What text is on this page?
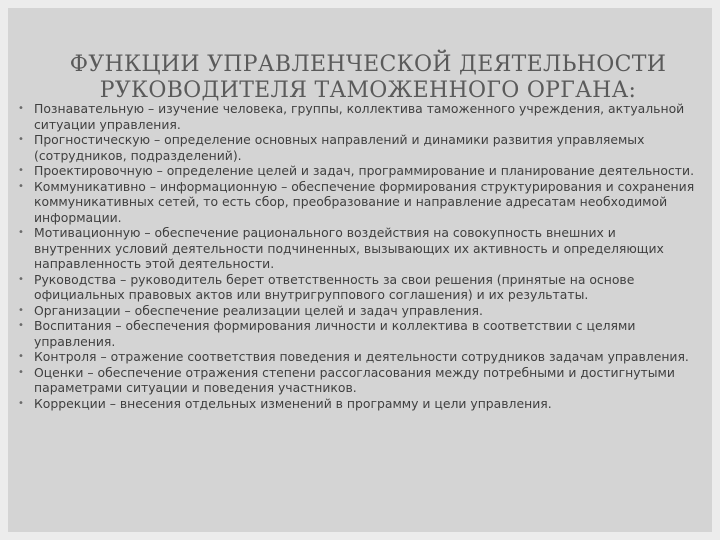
ФУНКЦИИ УПРАВЛЕНЧЕСКОЙ ДЕЯТЕЛЬНОСТИ
РУКОВОДИТЕЛЯ ТАМОЖЕННОГО ОРГАНА:
• Познавательную – изучение человека, группы, коллектива таможенного учреждения, актуальной ситуации управления.
• Прогностическую – определение основных направлений и динамики развития управляемых (сотрудников, подразделений).
• Проектировочную – определение целей и задач, программирование и планирование деятельности.
• Коммуникативно – информационную – обеспечение формирования структурирования и сохранения коммуникативных сетей, то есть сбор, преобразование и направление адресатам необходимой информации.
• Мотивационную – обеспечение рационального воздействия на совокупность внешних и внутренних условий деятельности подчиненных, вызывающих их активность и определяющих направленность этой деятельности.
• Руководства – руководитель берет ответственность за свои решения (принятые на основе официальных правовых актов или внутригруппового соглашения) и их результаты.
• Организации – обеспечение реализации целей и задач управления.
• Воспитания – обеспечения формирования личности и коллектива в соответствии с целями управления.
• Контроля – отражение соответствия поведения и деятельности сотрудников задачам управления.
• Оценки – обеспечение отражения степени рассогласования между потребными и достигнутыми параметрами ситуации и поведения участников.
• Коррекции – внесения отдельных изменений в программу и цели управления.
